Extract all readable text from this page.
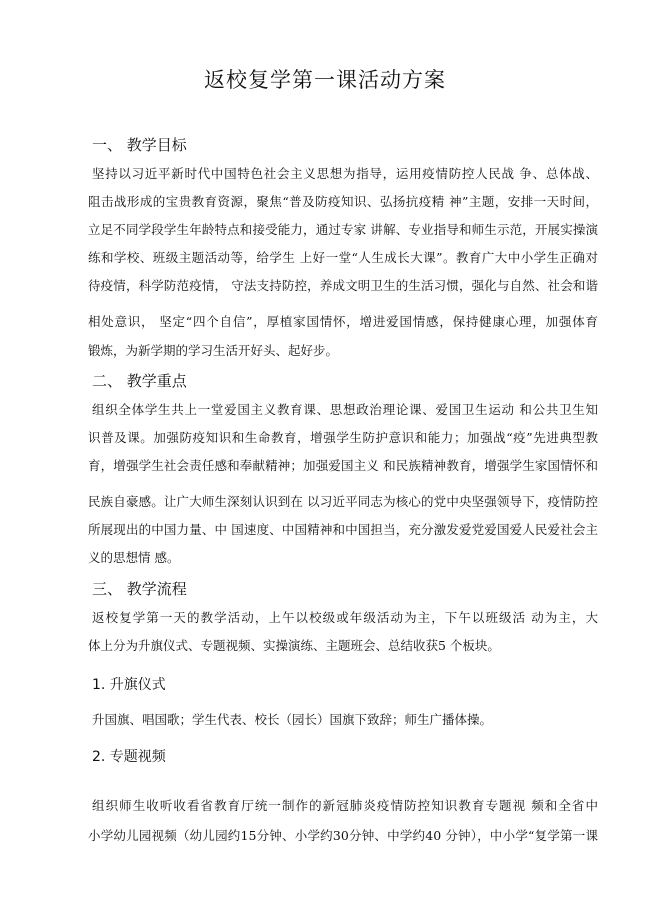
返校复学第一课活动方案
一、 教学目标
坚持以习近平新时代中国特色社会主义思想为指导，运用疫情防控人民战 争、总体战、
阻击战形成的宝贵教育资源，聚焦“普及防疫知识、弘扬抗疫精 神”主题，安排一天时间，
立足不同学段学生年龄特点和接受能力，通过专家 讲解、专业指导和师生示范，开展实操演
练和学校、班级主题活动等，给学生 上好一堂“人生成长大课”。教育广大中小学生正确对
待疫情，科学防范疫情， 守法支持防控，养成文明卫生的生活习惯，强化与自然、社会和谐
相处意识， 坚定“四个自信”，厚植家国情怀，增进爱国情感，保持健康心理，加强体育
锻炼，为新学期的学习生活开好头、起好步。
二、 教学重点
组织全体学生共上一堂爱国主义教育课、思想政治理论课、爱国卫生运动 和公共卫生知
识普及课。加强防疫知识和生命教育，增强学生防护意识和能力；加强战“疫”先进典型教
育，增强学生社会责任感和奉献精神；加强爱国主义 和民族精神教育，增强学生家国情怀和
民族自豪感。让广大师生深刻认识到在 以习近平同志为核心的党中央坚强领导下，疫情防控
所展现出的中国力量、中 国速度、中国精神和中国担当，充分激发爱党爱国爱人民爱社会主
义的思想情 感。
三、 教学流程
返校复学第一天的教学活动，上午以校级或年级活动为主，下午以班级活 动为主，大
体上分为升旗仪式、专题视频、实操演练、主题班会、总结收获5 个板块。
1. 升旗仪式
升国旗、唱国歌；学生代表、校长（园长）国旗下致辞；师生广播体操。
2. 专题视频
组织师生收听收看省教育厅统一制作的新冠肺炎疫情防控知识教育专题视 频和全省中
小学幼儿园视频（幼儿园约15分钟、小学约30分钟、中学约40 分钟），中小学“复学第一课
